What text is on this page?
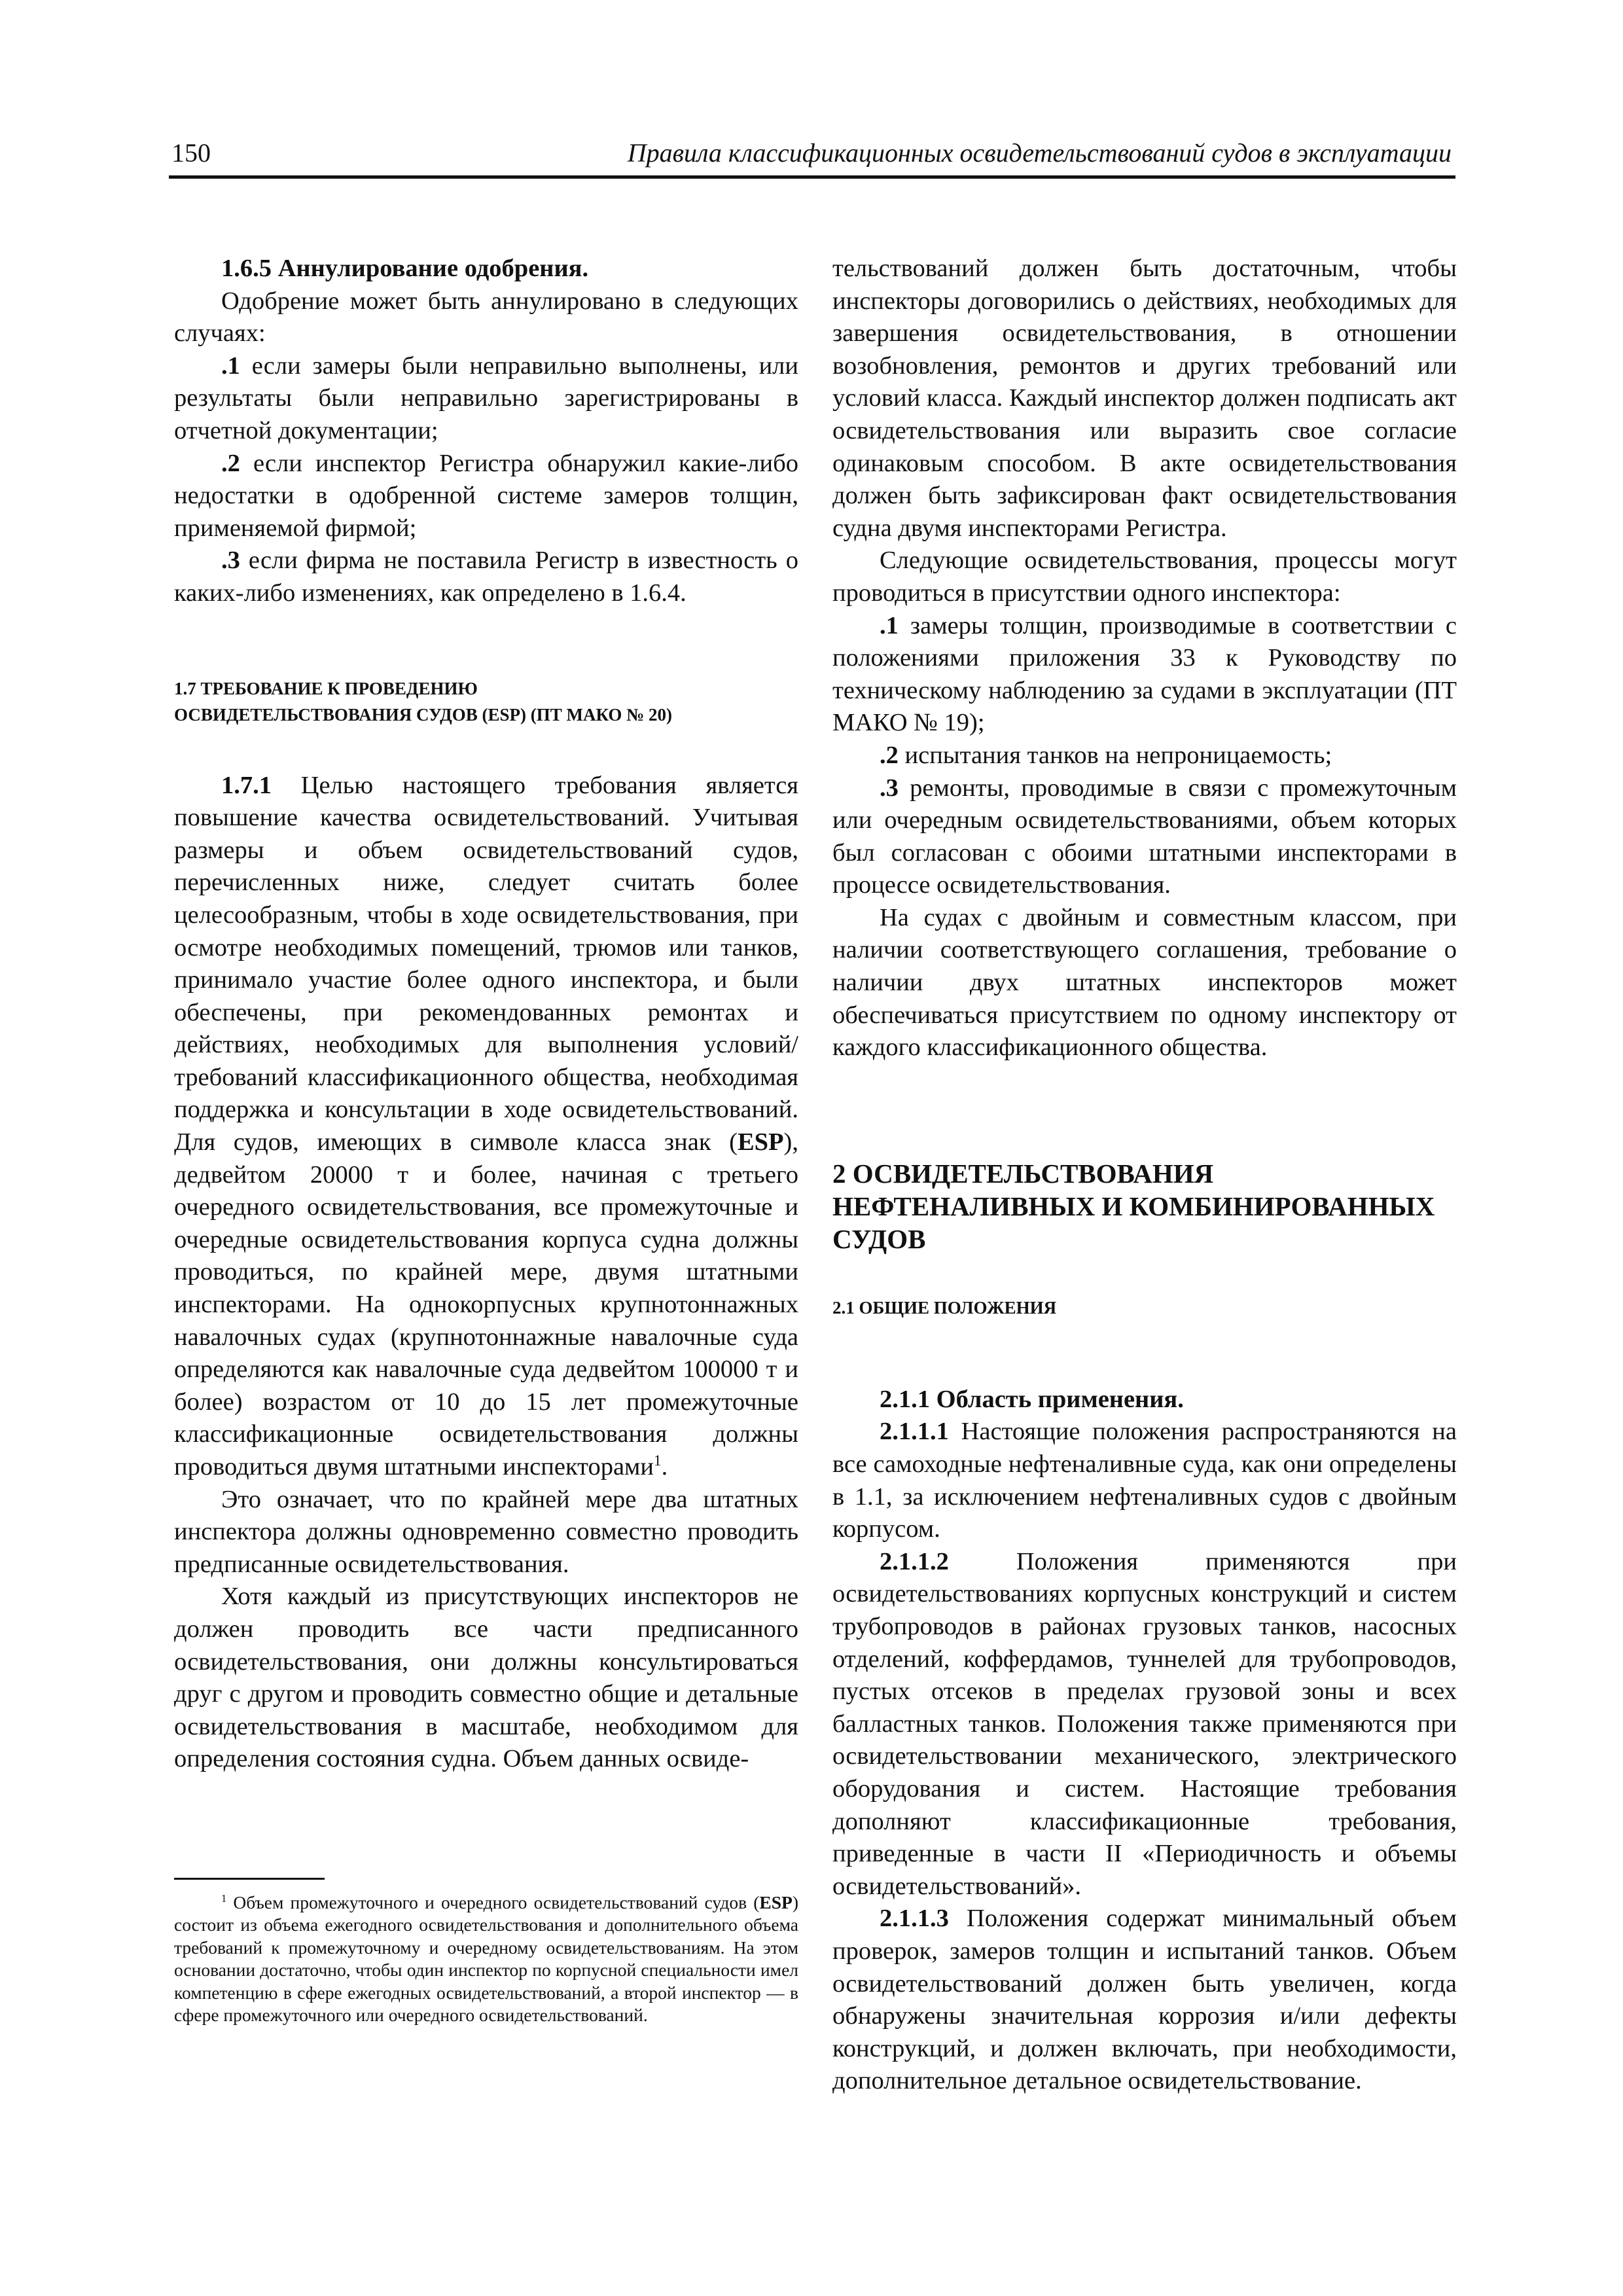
150	Правила классификационных освидетельствований судов в эксплуатации

1.6.5 Аннулирование одобрения.

Одобрение может быть аннулировано в следующих случаях:

.1 если замеры были неправильно выполнены, или результаты были неправильно зарегистрированы в отчетной документации;

.2 если инспектор Регистра обнаружил какие-либо недостатки в одобренной системе замеров толщин, применяемой фирмой;

.3 если фирма не поставила Регистр в известность о каких-либо изменениях, как определено в 1.6.4.

1.7 ТРЕБОВАНИЕ К ПРОВЕДЕНИЮ
ОСВИДЕТЕЛЬСТВОВАНИЯ СУДОВ (ESP) (ПТ МАКО № 20)

1.7.1 Целью настоящего требования является повышение качества освидетельствований. Учитывая размеры и объем освидетельствований судов, перечисленных ниже, следует считать более целесообразным, чтобы в ходе освидетельствования, при осмотре необходимых помещений, трюмов или танков, принимало участие более одного инспектора, и были обеспечены, при рекомендованных ремонтах и действиях, необходимых для выполнения условий/требований классификационного общества, необходимая поддержка и консультации в ходе освидетельствований. Для судов, имеющих в символе класса знак (ESP), дедвейтом 20000 т и более, начиная с третьего очередного освидетельствования, все промежуточные и очередные освидетельствования корпуса судна должны проводиться, по крайней мере, двумя штатными инспекторами. На однокорпусных крупнотоннажных навалочных судах (крупнотоннажные навалочные суда определяются как навалочные суда дедвейтом 100000 т и более) возрастом от 10 до 15 лет промежуточные классификационные освидетельствования должны проводиться двумя штатными инспекторами$^1$.

Это означает, что по крайней мере два штатных инспектора должны одновременно совместно проводить предписанные освидетельствования.

Хотя каждый из присутствующих инспекторов не должен проводить все части предписанного освидетельствования, они должны консультироваться друг с другом и проводить совместно общие и детальные освидетельствования в масштабе, необходимом для определения состояния судна. Объем данных освиде-

$^1$ Объем промежуточного и очередного освидетельствований судов (ESP) состоит из объема ежегодного освидетельствования и дополнительного объема требований к промежуточному и очередному освидетельствованиям. На этом основании достаточно, чтобы один инспектор по корпусной специальности имел компетенцию в сфере ежегодных освидетельствований, а второй инспектор — в сфере промежуточного или очередного освидетельствований.

тельствований должен быть достаточным, чтобы инспекторы договорились о действиях, необходимых для завершения освидетельствования, в отношении возобновления, ремонтов и других требований или условий класса. Каждый инспектор должен подписать акт освидетельствования или выразить свое согласие одинаковым способом. В акте освидетельствования должен быть зафиксирован факт освидетельствования судна двумя инспекторами Регистра.

Следующие освидетельствования, процессы могут проводиться в присутствии одного инспектора:

.1 замеры толщин, производимые в соответствии с положениями приложения 33 к Руководству по техническому наблюдению за судами в эксплуатации (ПТ МАКО № 19);

.2 испытания танков на непроницаемость;

.3 ремонты, проводимые в связи с промежуточным или очередным освидетельствованиями, объем которых был согласован с обоими штатными инспекторами в процессе освидетельствования.

На судах с двойным и совместным классом, при наличии соответствующего соглашения, требование о наличии двух штатных инспекторов может обеспечиваться присутствием по одному инспектору от каждого классификационного общества.

2 ОСВИДЕТЕЛЬСТВОВАНИЯ
НЕФТЕНАЛИВНЫХ И КОМБИНИРОВАННЫХ
СУДОВ

2.1 ОБЩИЕ ПОЛОЖЕНИЯ

2.1.1 Область применения.

2.1.1.1 Настоящие положения распространяются на все самоходные нефтеналивные суда, как они определены в 1.1, за исключением нефтеналивных судов с двойным корпусом.

2.1.1.2 Положения применяются при освидетельствованиях корпусных конструкций и систем трубопроводов в районах грузовых танков, насосных отделений, коффердамов, туннелей для трубопроводов, пустых отсеков в пределах грузовой зоны и всех балластных танков. Положения также применяются при освидетельствовании механического, электрического оборудования и систем. Настоящие требования дополняют классификационные требования, приведенные в части II «Периодичность и объемы освидетельствований».

2.1.1.3 Положения содержат минимальный объем проверок, замеров толщин и испытаний танков. Объем освидетельствований должен быть увеличен, когда обнаружены значительная коррозия и/или дефекты конструкций, и должен включать, при необходимости, дополнительное детальное освидетельствование.
